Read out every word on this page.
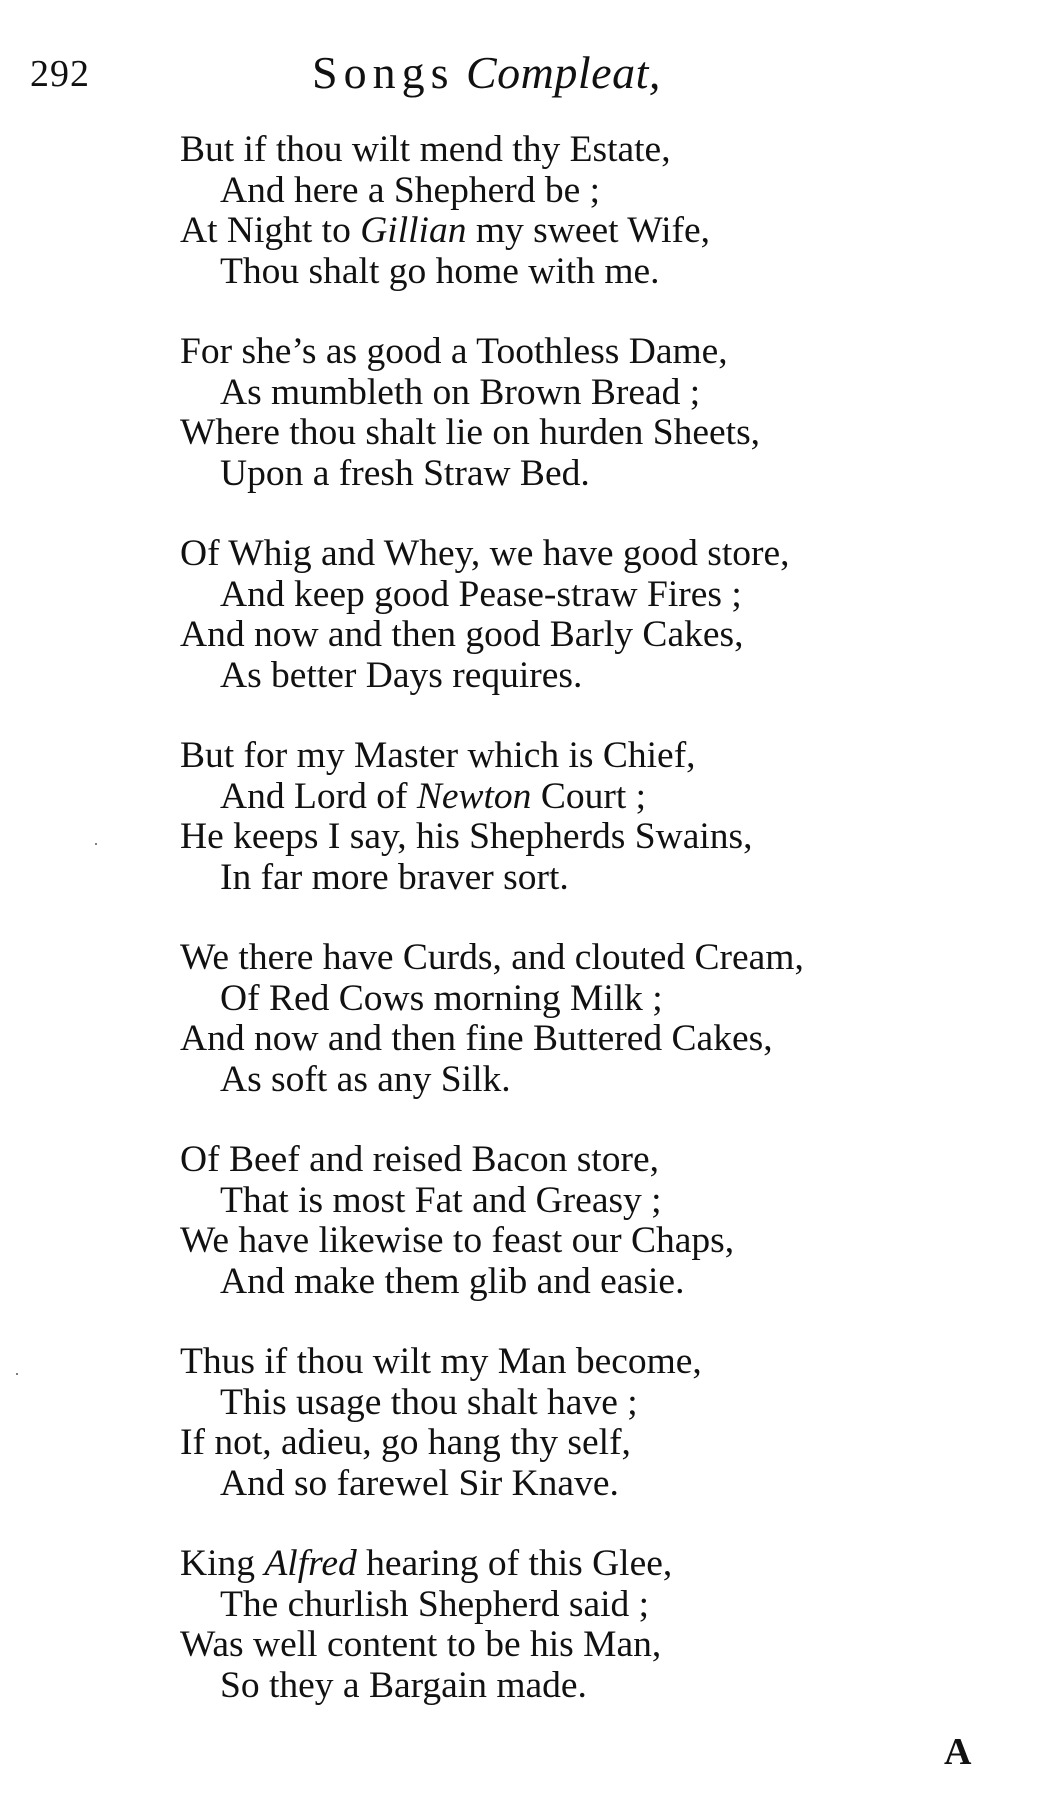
292	Songs Compleat,
But if thou wilt mend thy Estate,
And here a Shepherd be ;
At Night to Gillian my sweet Wife,
Thou shalt go home with me.
For she’s as good a Toothless Dame,
As mumbleth on Brown Bread ;
Where thou shalt lie on hurden Sheets,
Upon a fresh Straw Bed.
Of Whig and Whey, we have good store,
And keep good Pease-straw Fires ;
And now and then good Barly Cakes,
As better Days requires.
But for my Master which is Chief,
And Lord of Newton Court ;
He keeps I say, his Shepherds Swains,
In far more braver sort.
We there have Curds, and clouted Cream,
Of Red Cows morning Milk ;
And now and then fine Buttered Cakes,
As soft as any Silk.
Of Beef and reised Bacon store,
That is most Fat and Greasy ;
We have likewise to feast our Chaps,
And make them glib and easie.
Thus if thou wilt my Man become,
This usage thou shalt have ;
If not, adieu, go hang thy self,
And so farewel Sir Knave.
King Alfred hearing of this Glee,
The churlish Shepherd said ;
Was well content to be his Man,
So they a Bargain made.
A
